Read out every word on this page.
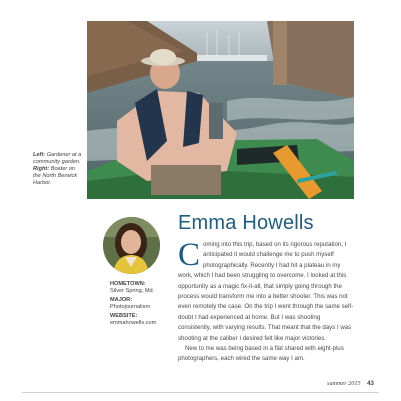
Left: Gardener at a community garden. Right: Boater on the North Berwick Harbor.
HOMETOWN:
Silver Spring, Md.
MAJOR:
Photojournalism
WEBSITE:
emmahowells.com
Emma Howells

Coming into this trip, based on its rigorous reputation, I anticipated it would challenge me to push myself photographically. Recently I had hit a plateau in my work, which I had been struggling to overcome. I looked at this opportunity as a magic fix-it-all, that simply going through the process would transform me into a better shooter. This was not even remotely the case. On the trip I went through the same self-doubt I had experienced at home. But I was shooting consistently, with varying results. That meant that the days I was shooting at the caliber I desired felt like major victories.

New to me was being based in a flat shared with eight-plus photographers, each wired the same way I am.

summer 2015 43
